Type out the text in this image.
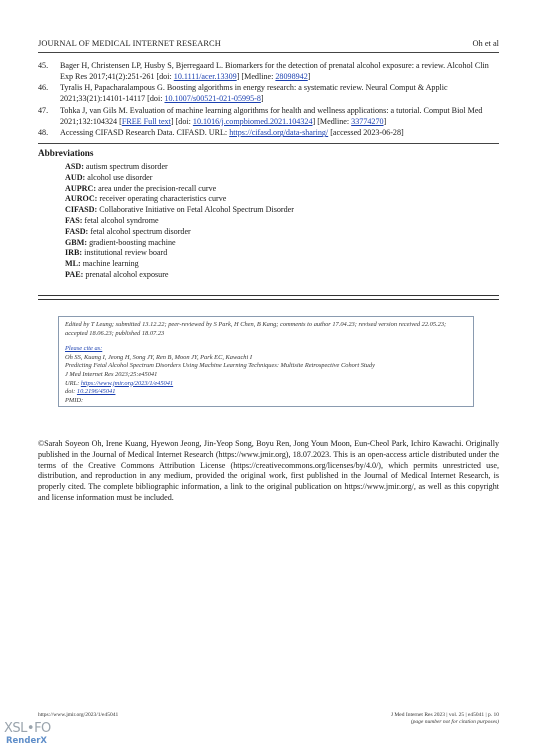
JOURNAL OF MEDICAL INTERNET RESEARCH	Oh et al
45. Bager H, Christensen LP, Husby S, Bjerregaard L. Biomarkers for the detection of prenatal alcohol exposure: a review. Alcohol Clin Exp Res 2017;41(2):251-261 [doi: 10.1111/acer.13309] [Medline: 28098942]
46. Tyralis H, Papacharalampous G. Boosting algorithms in energy research: a systematic review. Neural Comput & Applic 2021;33(21):14101-14117 [doi: 10.1007/s00521-021-05995-8]
47. Tohka J, van Gils M. Evaluation of machine learning algorithms for health and wellness applications: a tutorial. Comput Biol Med 2021;132:104324 [FREE Full text] [doi: 10.1016/j.compbiomed.2021.104324] [Medline: 33774270]
48. Accessing CIFASD Research Data. CIFASD. URL: https://cifasd.org/data-sharing/ [accessed 2023-06-28]
Abbreviations
ASD: autism spectrum disorder
AUD: alcohol use disorder
AUPRC: area under the precision-recall curve
AUROC: receiver operating characteristics curve
CIFASD: Collaborative Initiative on Fetal Alcohol Spectrum Disorder
FAS: fetal alcohol syndrome
FASD: fetal alcohol spectrum disorder
GBM: gradient-boosting machine
IRB: institutional review board
ML: machine learning
PAE: prenatal alcohol exposure
Edited by T Leung; submitted 13.12.22; peer-reviewed by S Park, H Chen, B Kang; comments to author 17.04.23; revised version received 22.05.23; accepted 18.06.23; published 18.07.23
Please cite as:
Oh SS, Kuang I, Jeong H, Song JY, Ren B, Moon JY, Park EC, Kawachi I
Predicting Fetal Alcohol Spectrum Disorders Using Machine Learning Techniques: Multisite Retrospective Cohort Study
J Med Internet Res 2023;25:e45041
URL: https://www.jmir.org/2023/1/e45041
doi: 10.2196/45041
PMID:
©Sarah Soyeon Oh, Irene Kuang, Hyewon Jeong, Jin-Yeop Song, Boyu Ren, Jong Youn Moon, Eun-Cheol Park, Ichiro Kawachi. Originally published in the Journal of Medical Internet Research (https://www.jmir.org), 18.07.2023. This is an open-access article distributed under the terms of the Creative Commons Attribution License (https://creativecommons.org/licenses/by/4.0/), which permits unrestricted use, distribution, and reproduction in any medium, provided the original work, first published in the Journal of Medical Internet Research, is properly cited. The complete bibliographic information, a link to the original publication on https://www.jmir.org/, as well as this copyright and license information must be included.
https://www.jmir.org/2023/1/e45041	J Med Internet Res 2023 | vol. 25 | e45041 | p. 10
(page number not for citation purposes)
XSL•FO
RenderX
